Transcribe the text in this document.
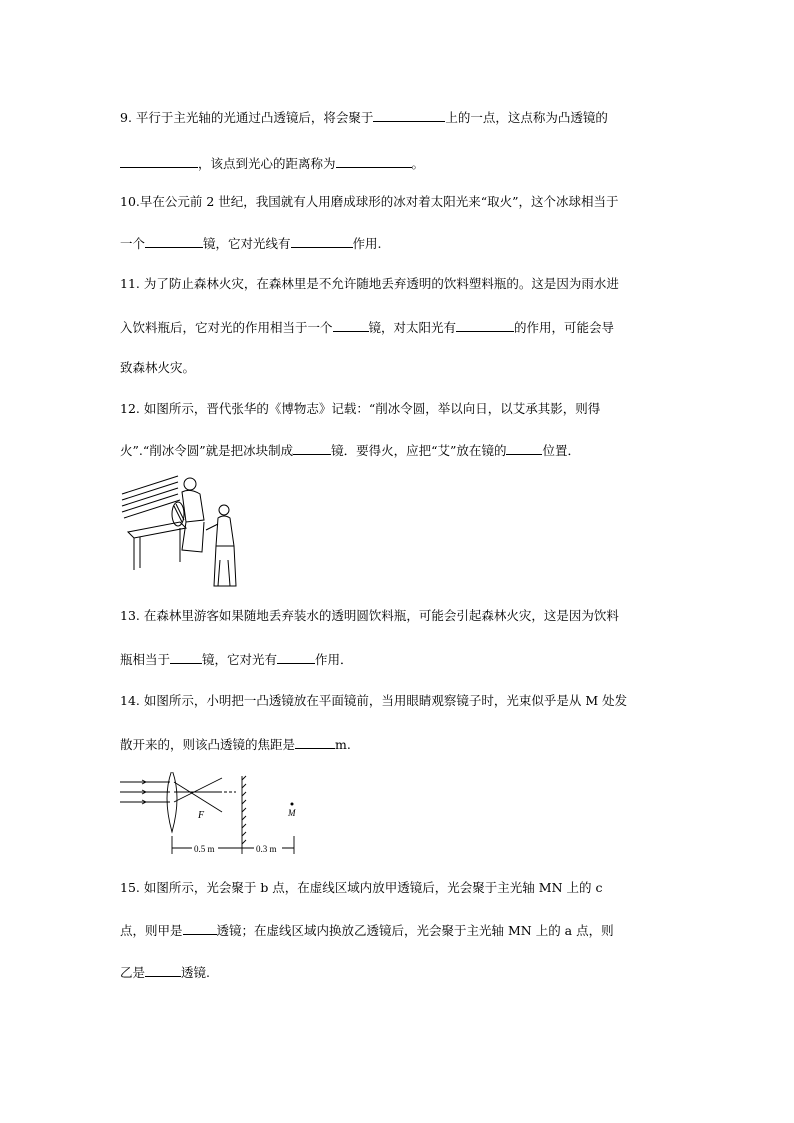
9. 平行于主光轴的光通过凸透镜后，将会聚于	上的一点，这点称为凸透镜的
，该点到光心的距离称为	。
10.早在公元前 2 世纪，我国就有人用磨成球形的冰对着太阳光来“取火”，这个冰球相当于
一个	镜，它对光线有	作用.
11. 为了防止森林火灾，在森林里是不允许随地丢弃透明的饮料塑料瓶的。这是因为雨水进
入饮料瓶后，它对光的作用相当于一个	镜，对太阳光有	的作用，可能会导
致森林火灾。
12. 如图所示，晋代张华的《博物志》记载：“削冰令圆，举以向日，以艾承其影，则得
火”.“削冰令圆”就是把冰块制成	镜．要得火，应把“艾”放在镜的	位置．
13. 在森林里游客如果随地丢弃装水的透明圆饮料瓶，可能会引起森林火灾，这是因为饮料
瓶相当于	镜，它对光有	作用．
14. 如图所示，小明把一凸透镜放在平面镜前，当用眼睛观察镜子时，光束似乎是从 M 处发
散开来的，则该凸透镜的焦距是	m.
F	M
0.5 m	0.3 m
15. 如图所示，光会聚于 b 点，在虚线区域内放甲透镜后，光会聚于主光轴 MN 上的 c
点，则甲是	透镜；在虚线区域内换放乙透镜后，光会聚于主光轴 MN 上的 a 点，则
乙是	透镜.
